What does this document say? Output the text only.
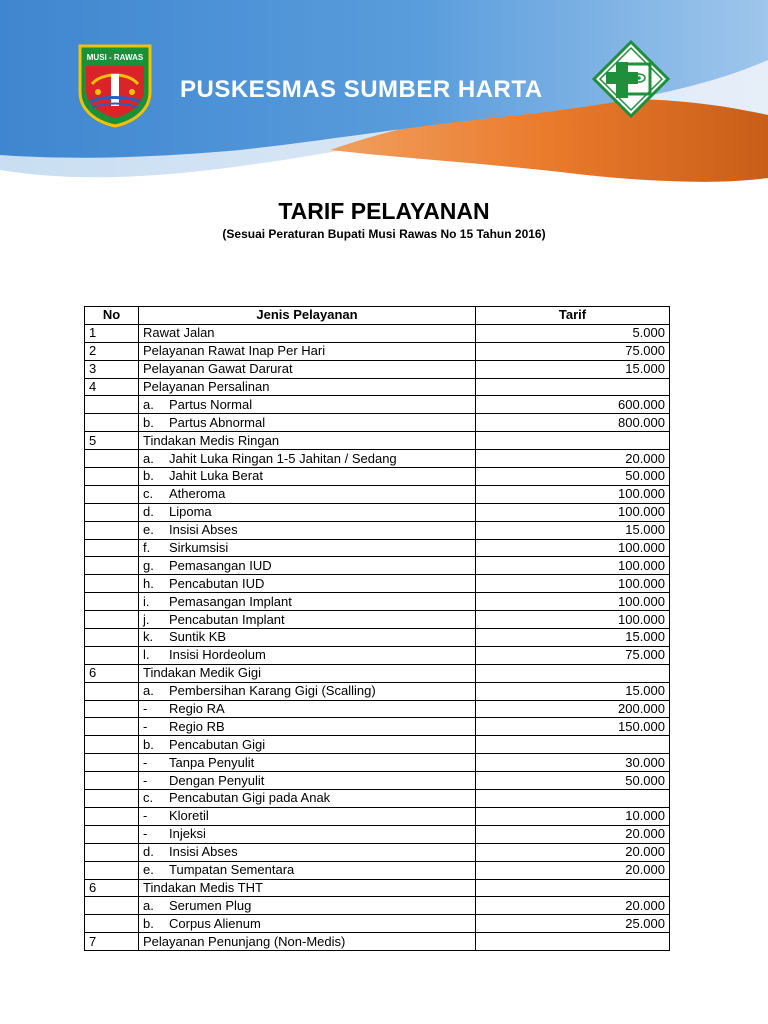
MUSI - RAWAS
PUSKESMAS SUMBER HARTA
TARIF PELAYANAN
(Sesuai Peraturan Bupati Musi Rawas No 15 Tahun 2016)
No	Jenis Pelayanan	Tarif
1	Rawat Jalan	5.000
2	Pelayanan Rawat Inap Per Hari	75.000
3	Pelayanan Gawat Darurat	15.000
4	Pelayanan Persalinan	
	a. Partus Normal	600.000
	b. Partus Abnormal	800.000
5	Tindakan Medis Ringan	
	a. Jahit Luka Ringan 1-5 Jahitan / Sedang	20.000
	b. Jahit Luka Berat	50.000
	c. Atheroma	100.000
	d. Lipoma	100.000
	e. Insisi Abses	15.000
	f. Sirkumsisi	100.000
	g. Pemasangan IUD	100.000
	h. Pencabutan IUD	100.000
	i. Pemasangan Implant	100.000
	j. Pencabutan Implant	100.000
	k. Suntik KB	15.000
	l. Insisi Hordeolum	75.000
6	Tindakan Medik Gigi	
	a. Pembersihan Karang Gigi (Scalling)	15.000
	- Regio RA	200.000
	- Regio RB	150.000
	b. Pencabutan Gigi	
	- Tanpa Penyulit	30.000
	- Dengan Penyulit	50.000
	c. Pencabutan Gigi pada Anak	
	- Kloretil	10.000
	- Injeksi	20.000
	d. Insisi Abses	20.000
	e. Tumpatan Sementara	20.000
6	Tindakan Medis THT	
	a. Serumen Plug	20.000
	b. Corpus Alienum	25.000
7	Pelayanan Penunjang (Non-Medis)	
